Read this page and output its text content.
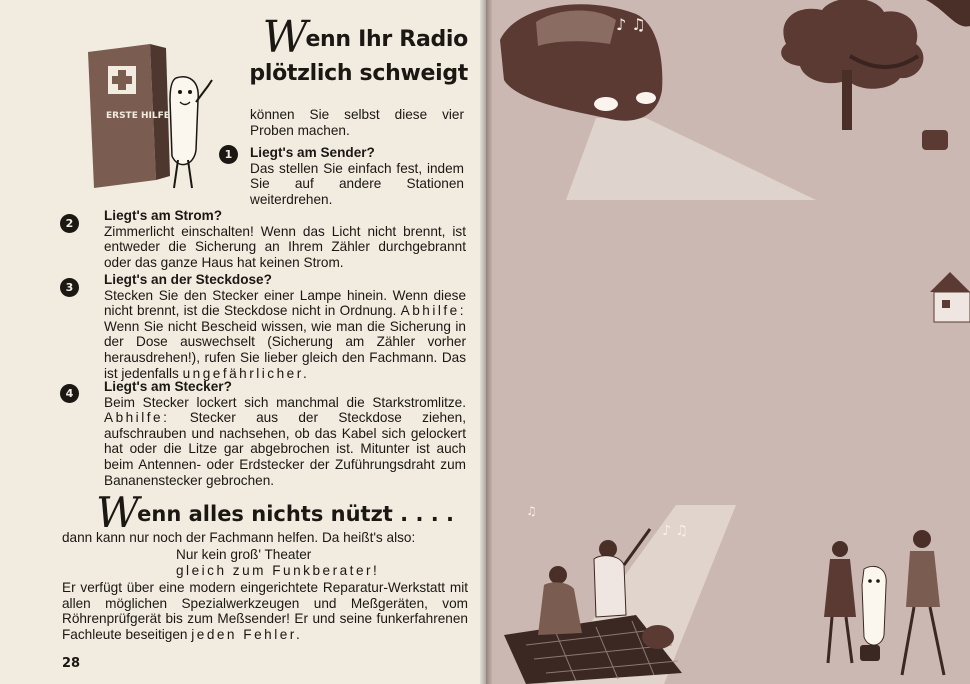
ERSTE HILFE
Wenn Ihr Radio
plötzlich schweigt
können Sie selbst diese vier Proben machen.
1	Liegt's am Sender?
Das stellen Sie einfach fest, indem Sie auf andere Stationen weiterdrehen.
2
Liegt's am Strom?
Zimmerlicht einschalten! Wenn das Licht nicht brennt, ist entweder die Sicherung an Ihrem Zähler durchgebrannt oder das ganze Haus hat keinen Strom.
3
Liegt's an der Steckdose?
Stecken Sie den Stecker einer Lampe hinein. Wenn diese nicht brennt, ist die Steckdose nicht in Ordnung. Abhilfe: Wenn Sie nicht Bescheid wissen, wie man die Sicherung in der Dose auswechselt (Sicherung am Zähler vorher herausdrehen!), rufen Sie lieber gleich den Fachmann. Das ist jedenfalls ungefährlicher.
4	Liegt's am Stecker?
Beim Stecker lockert sich manchmal die Starkstromlitze. Abhilfe: Stecker aus der Steckdose ziehen, aufschrauben und nachsehen, ob das Kabel sich gelockert hat oder die Litze gar abgebrochen ist. Mitunter ist auch beim Antennen- oder Erdstecker der Zuführungsdraht zum Bananenstecker gebrochen.
Wenn alles nichts nützt . . . .
dann kann nur noch der Fachmann helfen. Da heißt's also:
Nur kein groß' Theater
gleich zum Funkberater!
Er verfügt über eine modern eingerichtete Reparatur-Werkstatt mit allen möglichen Spezialwerkzeugen und Meßgeräten, vom Röhrenprüfgerät bis zum Meßsender! Er und seine funkerfahrenen Fachleute beseitigen jeden Fehler.
28
♪ ♫

♪ ♫
♫
